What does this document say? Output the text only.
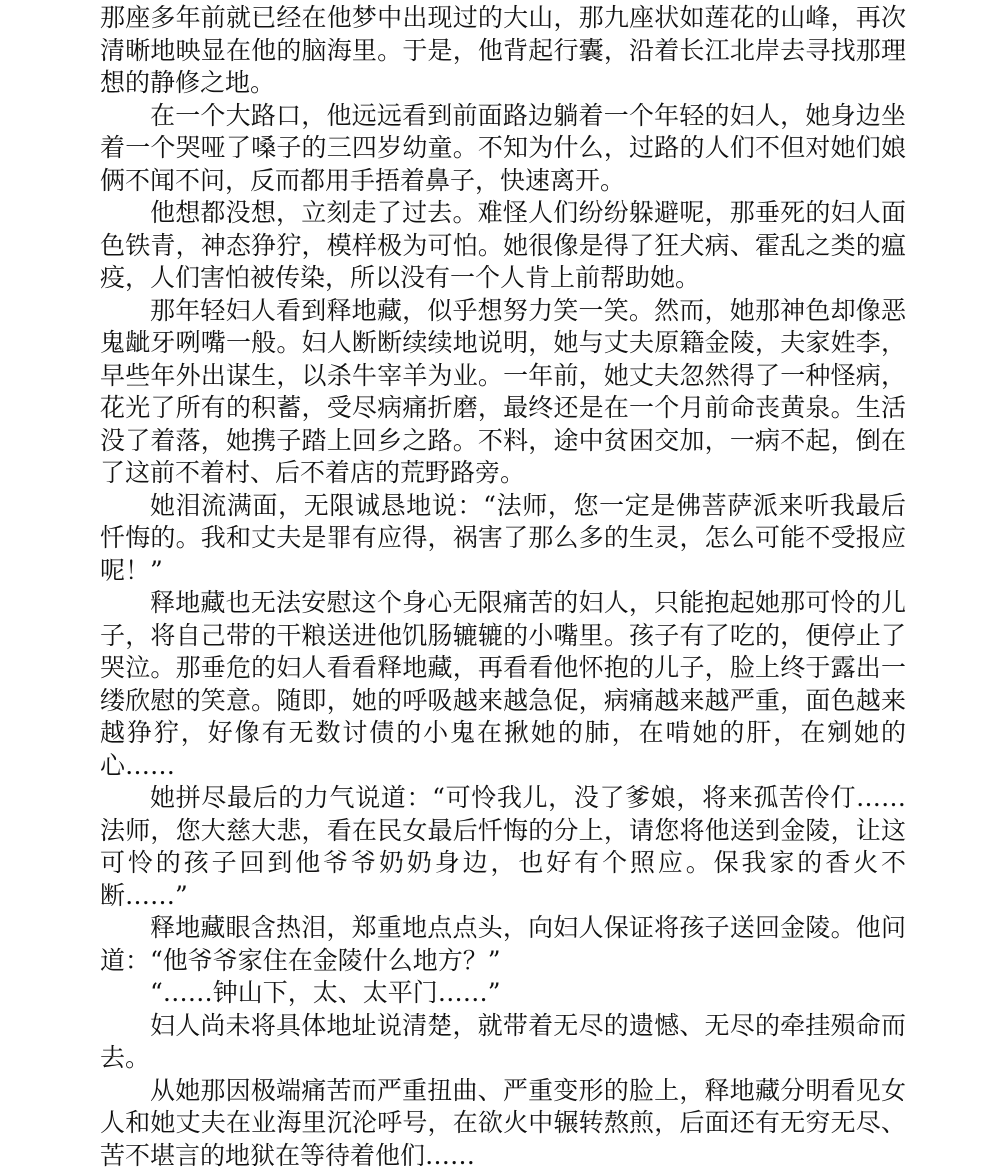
那座多年前就已经在他梦中出现过的大山，那九座状如莲花的山峰，再次清晰地映显在他的脑海里。于是，他背起行囊，沿着长江北岸去寻找那理想的静修之地。

在一个大路口，他远远看到前面路边躺着一个年轻的妇人，她身边坐着一个哭哑了嗓子的三四岁幼童。不知为什么，过路的人们不但对她们娘俩不闻不问，反而都用手捂着鼻子，快速离开。

他想都没想，立刻走了过去。难怪人们纷纷躲避呢，那垂死的妇人面色铁青，神态狰狞，模样极为可怕。她很像是得了狂犬病、霍乱之类的瘟疫，人们害怕被传染，所以没有一个人肯上前帮助她。

那年轻妇人看到释地藏，似乎想努力笑一笑。然而，她那神色却像恶鬼龇牙咧嘴一般。妇人断断续续地说明，她与丈夫原籍金陵，夫家姓李，早些年外出谋生，以杀牛宰羊为业。一年前，她丈夫忽然得了一种怪病，花光了所有的积蓄，受尽病痛折磨，最终还是在一个月前命丧黄泉。生活没了着落，她携子踏上回乡之路。不料，途中贫困交加，一病不起，倒在了这前不着村、后不着店的荒野路旁。

她泪流满面，无限诚恳地说：“法师，您一定是佛菩萨派来听我最后忏悔的。我和丈夫是罪有应得，祸害了那么多的生灵，怎么可能不受报应呢！”

释地藏也无法安慰这个身心无限痛苦的妇人，只能抱起她那可怜的儿子，将自己带的干粮送进他饥肠辘辘的小嘴里。孩子有了吃的，便停止了哭泣。那垂危的妇人看看释地藏，再看看他怀抱的儿子，脸上终于露出一缕欣慰的笑意。随即，她的呼吸越来越急促，病痛越来越严重，面色越来越狰狞，好像有无数讨债的小鬼在揪她的肺，在啃她的肝，在剜她的心……

她拼尽最后的力气说道：“可怜我儿，没了爹娘，将来孤苦伶仃……法师，您大慈大悲，看在民女最后忏悔的分上，请您将他送到金陵，让这可怜的孩子回到他爷爷奶奶身边，也好有个照应。保我家的香火不断……”

释地藏眼含热泪，郑重地点点头，向妇人保证将孩子送回金陵。他问道：“他爷爷家住在金陵什么地方？”

“……钟山下，太、太平门……”

妇人尚未将具体地址说清楚，就带着无尽的遗憾、无尽的牵挂殒命而去。

从她那因极端痛苦而严重扭曲、严重变形的脸上，释地藏分明看见女人和她丈夫在业海里沉沦呼号，在欲火中辗转熬煎，后面还有无穷无尽、苦不堪言的地狱在等待着他们……
